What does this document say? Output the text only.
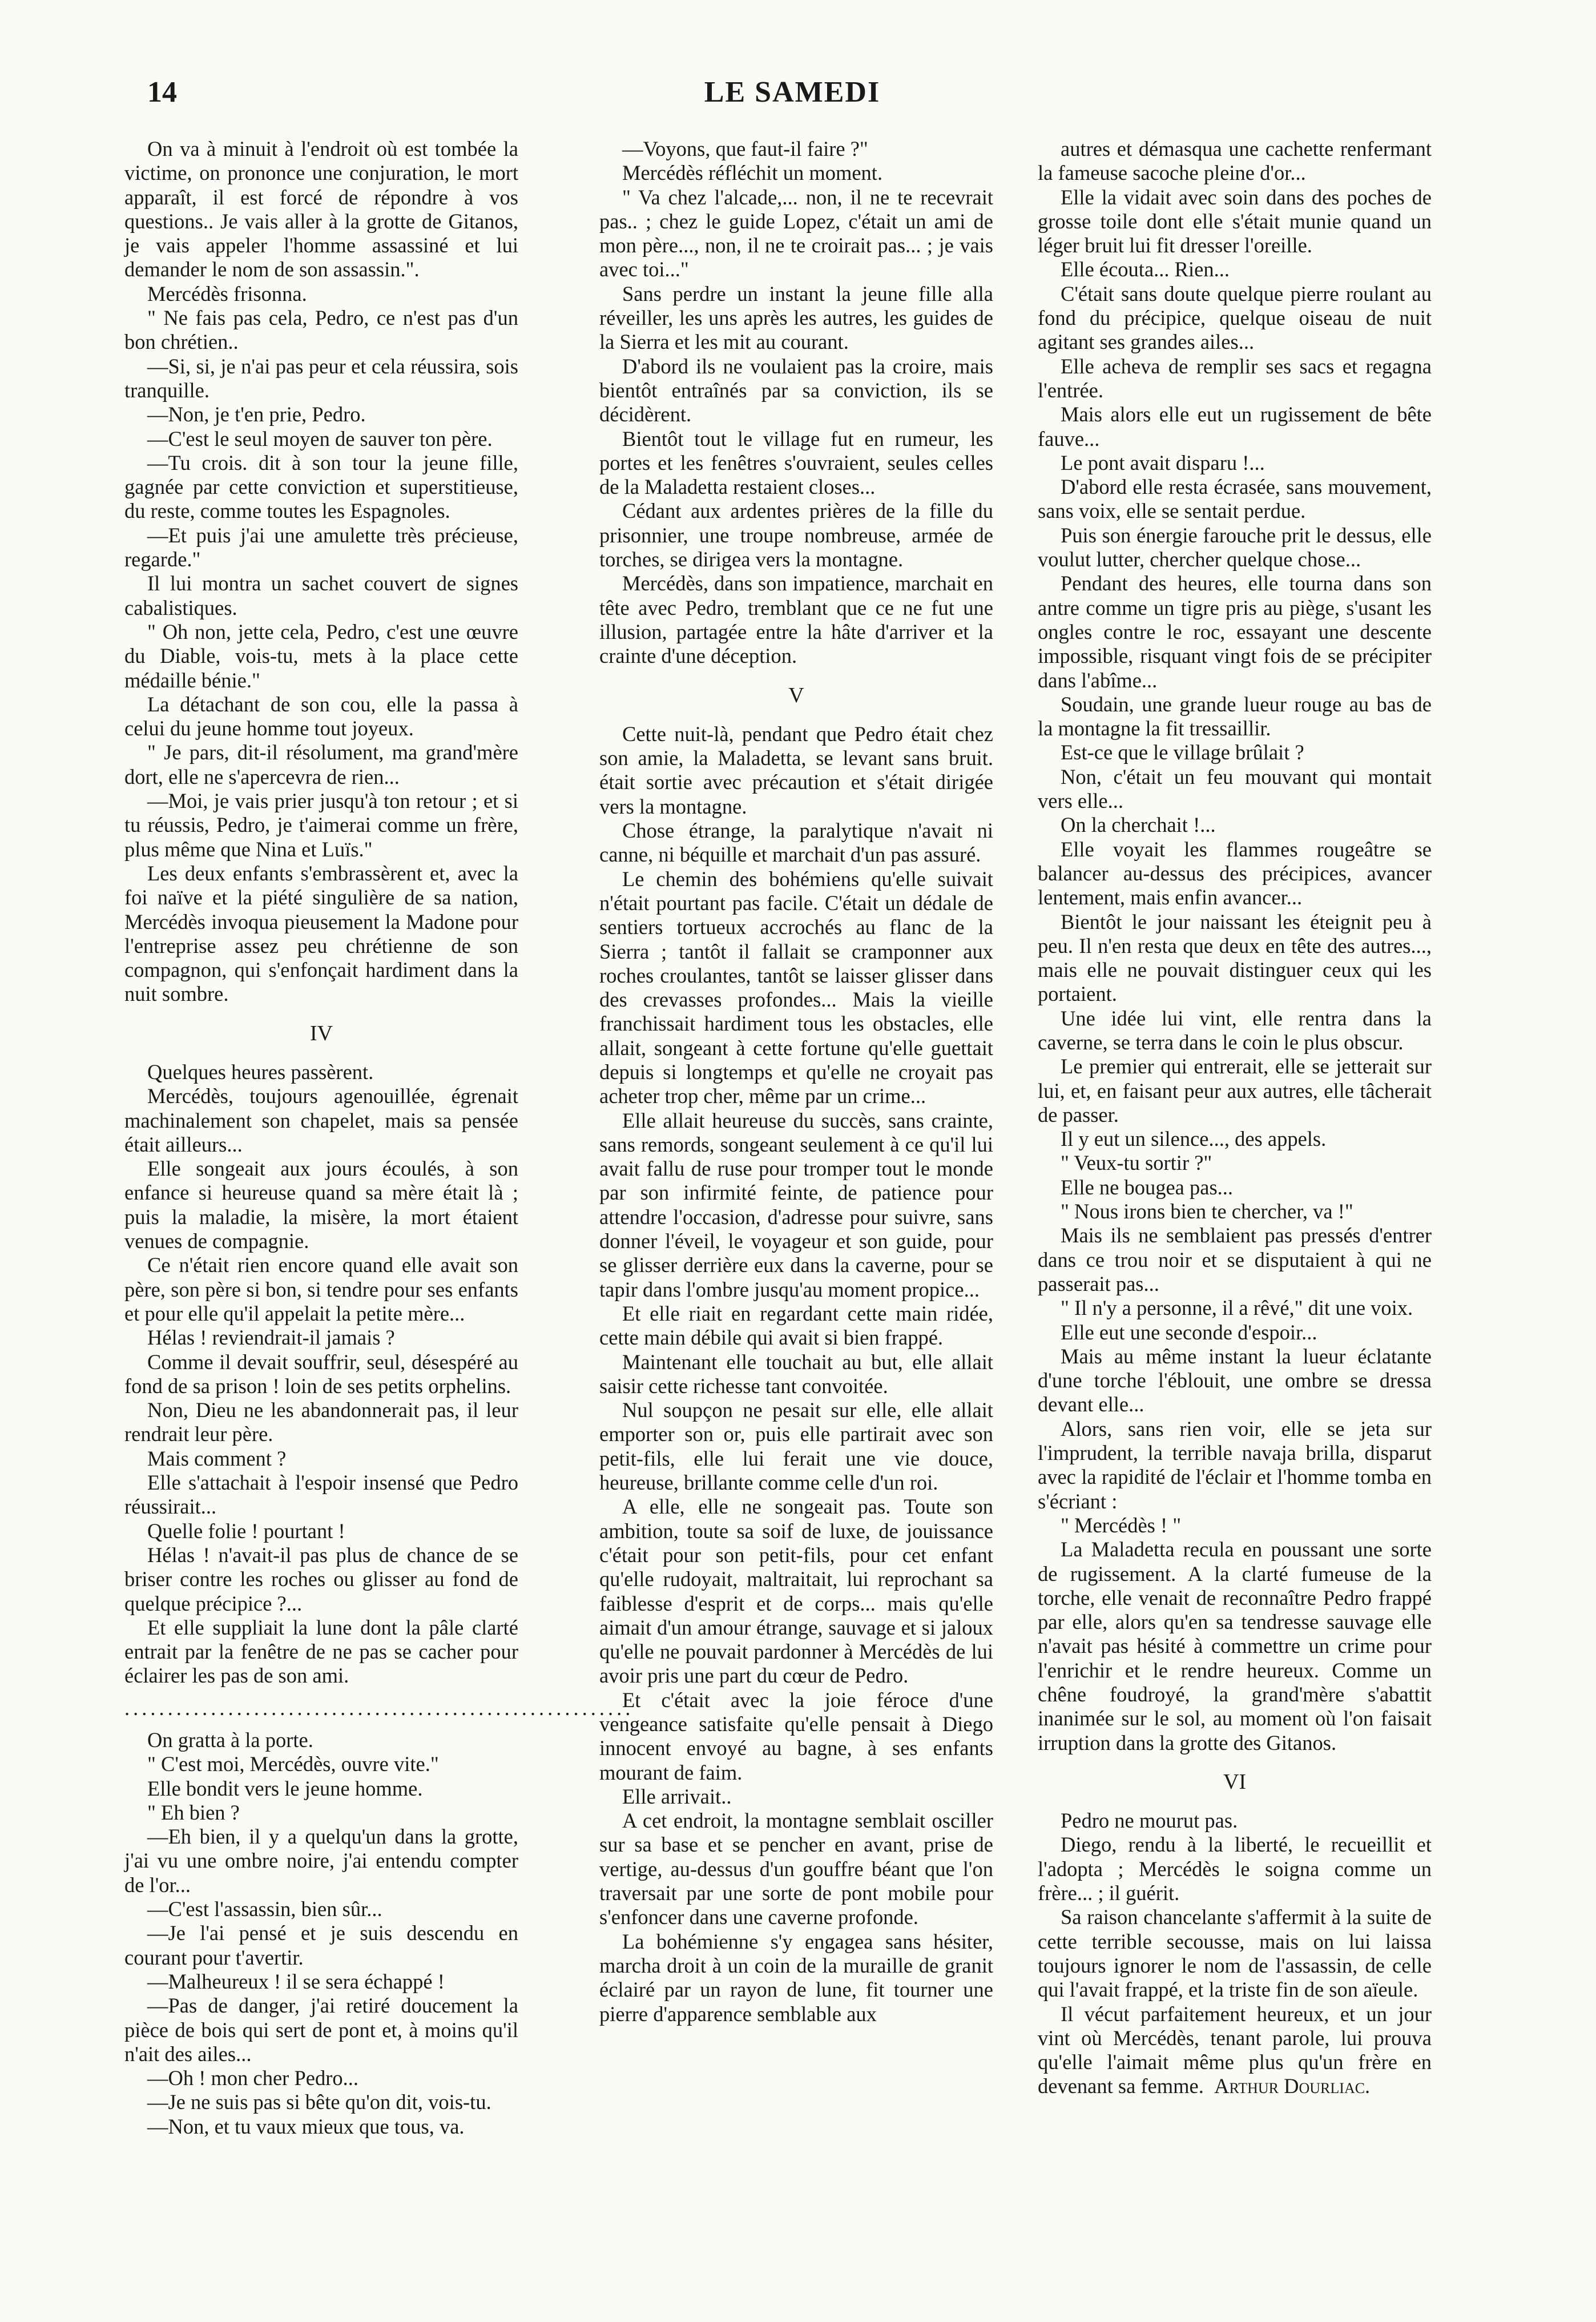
14	LE SAMEDI

On va à minuit à l'endroit où est tombée la victime, on prononce une conjuration, le mort apparaît, il est forcé de répondre à vos questions.. Je vais aller à la grotte de Gitanos, je vais appeler l'homme assassiné et lui demander le nom de son assassin.".

Mercédès frisonna.

" Ne fais pas cela, Pedro, ce n'est pas d'un bon chrétien..

—Si, si, je n'ai pas peur et cela réussira, sois tranquille.

—Non, je t'en prie, Pedro.

—C'est le seul moyen de sauver ton père.

—Tu crois. dit à son tour la jeune fille, gagnée par cette conviction et superstitieuse, du reste, comme toutes les Espagnoles.

—Et puis j'ai une amulette très précieuse, regarde."

Il lui montra un sachet couvert de signes cabalistiques.

" Oh non, jette cela, Pedro, c'est une œuvre du Diable, vois-tu, mets à la place cette médaille bénie."

La détachant de son cou, elle la passa à celui du jeune homme tout joyeux.

" Je pars, dit-il résolument, ma grand'mère dort, elle ne s'apercevra de rien...

—Moi, je vais prier jusqu'à ton retour ; et si tu réussis, Pedro, je t'aimerai comme un frère, plus même que Nina et Luïs."

Les deux enfants s'embrassèrent et, avec la foi naïve et la piété singulière de sa nation, Mercédès invoqua pieusement la Madone pour l'entreprise assez peu chrétienne de son compagnon, qui s'enfonçait hardiment dans la nuit sombre.

IV

Quelques heures passèrent.

Mercédès, toujours agenouillée, égrenait machinalement son chapelet, mais sa pensée était ailleurs...

Elle songeait aux jours écoulés, à son enfance si heureuse quand sa mère était là ; puis la maladie, la misère, la mort étaient venues de compagnie.

Ce n'était rien encore quand elle avait son père, son père si bon, si tendre pour ses enfants et pour elle qu'il appelait la petite mère...

Hélas ! reviendrait-il jamais ?

Comme il devait souffrir, seul, désespéré au fond de sa prison ! loin de ses petits orphelins.

Non, Dieu ne les abandonnerait pas, il leur rendrait leur père.

Mais comment ?

Elle s'attachait à l'espoir insensé que Pedro réussirait...

Quelle folie ! pourtant !

Hélas ! n'avait-il pas plus de chance de se briser contre les roches ou glisser au fond de quelque précipice ?...

Et elle suppliait la lune dont la pâle clarté entrait par la fenêtre de ne pas se cacher pour éclairer les pas de son ami.

...........................................................

On gratta à la porte.

" C'est moi, Mercédès, ouvre vite."

Elle bondit vers le jeune homme.

" Eh bien ?

—Eh bien, il y a quelqu'un dans la grotte, j'ai vu une ombre noire, j'ai entendu compter de l'or...

—C'est l'assassin, bien sûr...

—Je l'ai pensé et je suis descendu en courant pour t'avertir.

—Malheureux ! il se sera échappé !

—Pas de danger, j'ai retiré doucement la pièce de bois qui sert de pont et, à moins qu'il n'ait des ailes...

—Oh ! mon cher Pedro...

—Je ne suis pas si bête qu'on dit, vois-tu.

—Non, et tu vaux mieux que tous, va.

—Voyons, que faut-il faire ?"

Mercédès réfléchit un moment.

" Va chez l'alcade,... non, il ne te recevrait pas.. ; chez le guide Lopez, c'était un ami de mon père..., non, il ne te croirait pas... ; je vais avec toi..."

Sans perdre un instant la jeune fille alla réveiller, les uns après les autres, les guides de la Sierra et les mit au courant.

D'abord ils ne voulaient pas la croire, mais bientôt entraînés par sa conviction, ils se décidèrent.

Bientôt tout le village fut en rumeur, les portes et les fenêtres s'ouvraient, seules celles de la Maladetta restaient closes...

Cédant aux ardentes prières de la fille du prisonnier, une troupe nombreuse, armée de torches, se dirigea vers la montagne.

Mercédès, dans son impatience, marchait en tête avec Pedro, tremblant que ce ne fut une illusion, partagée entre la hâte d'arriver et la crainte d'une déception.

V

Cette nuit-là, pendant que Pedro était chez son amie, la Maladetta, se levant sans bruit. était sortie avec précaution et s'était dirigée vers la montagne.

Chose étrange, la paralytique n'avait ni canne, ni béquille et marchait d'un pas assuré.

Le chemin des bohémiens qu'elle suivait n'était pourtant pas facile. C'était un dédale de sentiers tortueux accrochés au flanc de la Sierra ; tantôt il fallait se cramponner aux roches croulantes, tantôt se laisser glisser dans des crevasses profondes... Mais la vieille franchissait hardiment tous les obstacles, elle allait, songeant à cette fortune qu'elle guettait depuis si longtemps et qu'elle ne croyait pas acheter trop cher, même par un crime...

Elle allait heureuse du succès, sans crainte, sans remords, songeant seulement à ce qu'il lui avait fallu de ruse pour tromper tout le monde par son infirmité feinte, de patience pour attendre l'occasion, d'adresse pour suivre, sans donner l'éveil, le voyageur et son guide, pour se glisser derrière eux dans la caverne, pour se tapir dans l'ombre jusqu'au moment propice...

Et elle riait en regardant cette main ridée, cette main débile qui avait si bien frappé.

Maintenant elle touchait au but, elle allait saisir cette richesse tant convoitée.

Nul soupçon ne pesait sur elle, elle allait emporter son or, puis elle partirait avec son petit-fils, elle lui ferait une vie douce, heureuse, brillante comme celle d'un roi.

A elle, elle ne songeait pas. Toute son ambition, toute sa soif de luxe, de jouissance c'était pour son petit-fils, pour cet enfant qu'elle rudoyait, maltraitait, lui reprochant sa faiblesse d'esprit et de corps... mais qu'elle aimait d'un amour étrange, sauvage et si jaloux qu'elle ne pouvait pardonner à Mercédès de lui avoir pris une part du cœur de Pedro.

Et c'était avec la joie féroce d'une vengeance satisfaite qu'elle pensait à Diego innocent envoyé au bagne, à ses enfants mourant de faim.

Elle arrivait..

A cet endroit, la montagne semblait osciller sur sa base et se pencher en avant, prise de vertige, au-dessus d'un gouffre béant que l'on traversait par une sorte de pont mobile pour s'enfoncer dans une caverne profonde.

La bohémienne s'y engagea sans hésiter, marcha droit à un coin de la muraille de granit éclairé par un rayon de lune, fit tourner une pierre d'apparence semblable aux

autres et démasqua une cachette renfermant la fameuse sacoche pleine d'or...

Elle la vidait avec soin dans des poches de grosse toile dont elle s'était munie quand un léger bruit lui fit dresser l'oreille.

Elle écouta... Rien...

C'était sans doute quelque pierre roulant au fond du précipice, quelque oiseau de nuit agitant ses grandes ailes...

Elle acheva de remplir ses sacs et regagna l'entrée.

Mais alors elle eut un rugissement de bête fauve...

Le pont avait disparu !...

D'abord elle resta écrasée, sans mouvement, sans voix, elle se sentait perdue.

Puis son énergie farouche prit le dessus, elle voulut lutter, chercher quelque chose...

Pendant des heures, elle tourna dans son antre comme un tigre pris au piège, s'usant les ongles contre le roc, essayant une descente impossible, risquant vingt fois de se précipiter dans l'abîme...

Soudain, une grande lueur rouge au bas de la montagne la fit tressaillir.

Est-ce que le village brûlait ?

Non, c'était un feu mouvant qui montait vers elle...

On la cherchait !...

Elle voyait les flammes rougeâtre se balancer au-dessus des précipices, avancer lentement, mais enfin avancer...

Bientôt le jour naissant les éteignit peu à peu. Il n'en resta que deux en tête des autres..., mais elle ne pouvait distinguer ceux qui les portaient.

Une idée lui vint, elle rentra dans la caverne, se terra dans le coin le plus obscur.

Le premier qui entrerait, elle se jetterait sur lui, et, en faisant peur aux autres, elle tâcherait de passer.

Il y eut un silence..., des appels.

" Veux-tu sortir ?"

Elle ne bougea pas...

" Nous irons bien te chercher, va !"

Mais ils ne semblaient pas pressés d'entrer dans ce trou noir et se disputaient à qui ne passerait pas...

" Il n'y a personne, il a rêvé," dit une voix.

Elle eut une seconde d'espoir...

Mais au même instant la lueur éclatante d'une torche l'éblouit, une ombre se dressa devant elle...

Alors, sans rien voir, elle se jeta sur l'imprudent, la terrible navaja brilla, disparut avec la rapidité de l'éclair et l'homme tomba en s'écriant :

" Mercédès ! "

La Maladetta recula en poussant une sorte de rugissement. A la clarté fumeuse de la torche, elle venait de reconnaître Pedro frappé par elle, alors qu'en sa tendresse sauvage elle n'avait pas hésité à commettre un crime pour l'enrichir et le rendre heureux. Comme un chêne foudroyé, la grand'mère s'abattit inanimée sur le sol, au moment où l'on faisait irruption dans la grotte des Gitanos.

VI

Pedro ne mourut pas.

Diego, rendu à la liberté, le recueillit et l'adopta ; Mercédès le soigna comme un frère... ; il guérit.

Sa raison chancelante s'affermit à la suite de cette terrible secousse, mais on lui laissa toujours ignorer le nom de l'assassin, de celle qui l'avait frappé, et la triste fin de son aïeule.

Il vécut parfaitement heureux, et un jour vint où Mercédès, tenant parole, lui prouva qu'elle l'aimait même plus qu'un frère en devenant sa femme. Arthur Dourliac.
